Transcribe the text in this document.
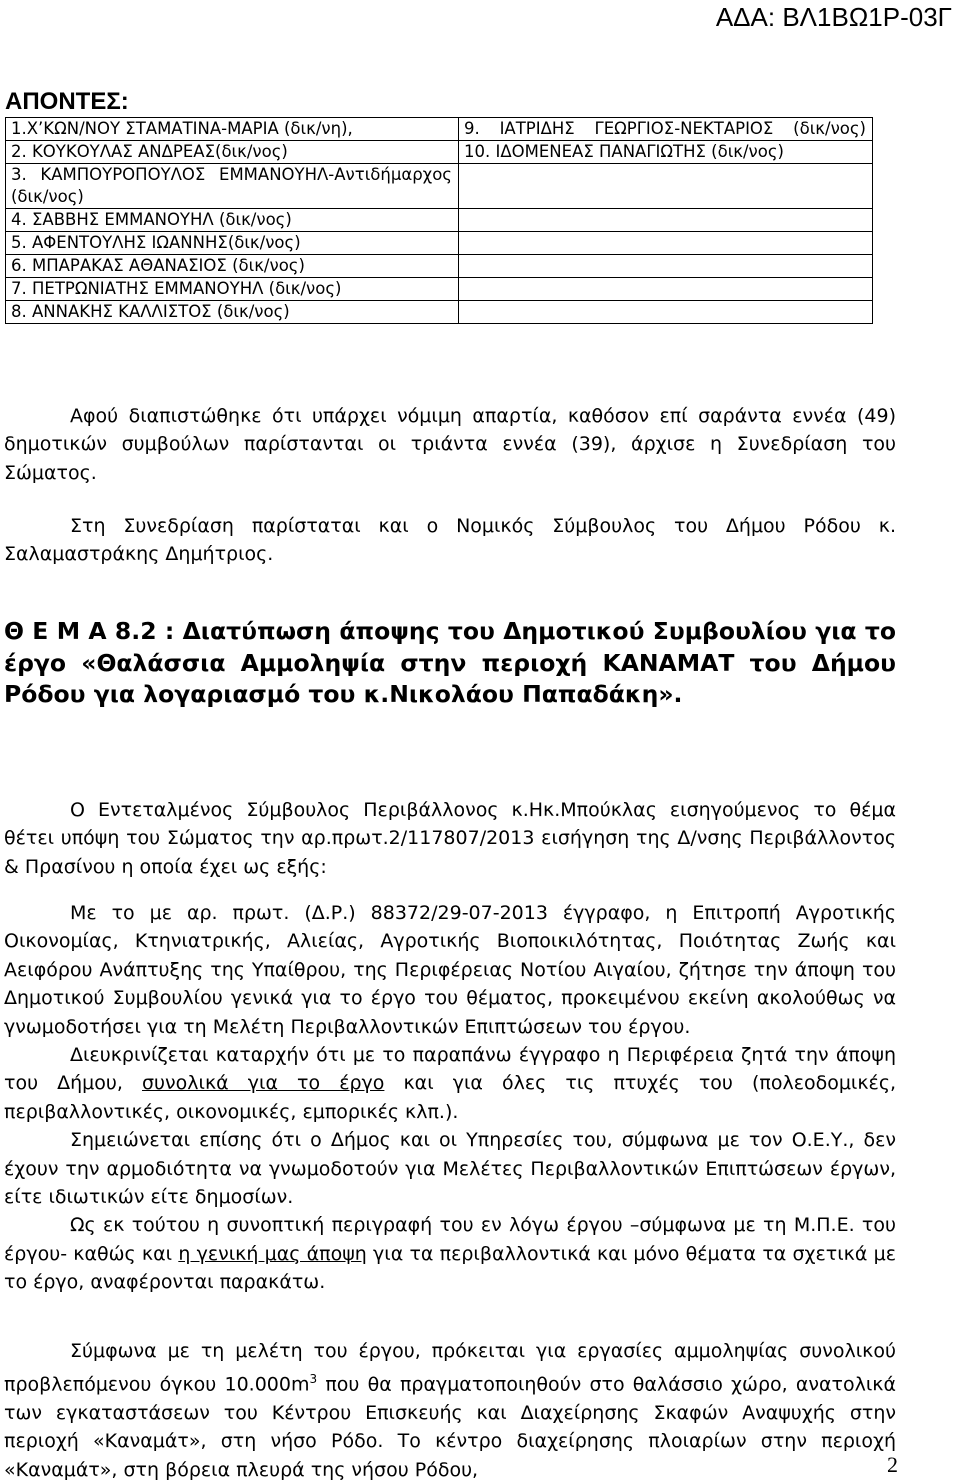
ΑΔΑ: ΒΛ1ΒΩ1Ρ-03Γ
ΑΠΟΝΤΕΣ:
1.Χ’ΚΩΝ/ΝΟΥ ΣΤΑΜΑΤΙΝΑ-ΜΑΡΙΑ (δικ/νη),	9. ΙΑΤΡΙΔΗΣ ΓΕΩΡΓΙΟΣ-ΝΕΚΤΑΡΙΟΣ (δικ/νος)

2. ΚΟΥΚΟΥΛΑΣ ΑΝΔΡΕΑΣ(δικ/νος)	10. ΙΔΟΜΕΝΕΑΣ ΠΑΝΑΓΙΩΤΗΣ (δικ/νος)
3. ΚΑΜΠΟΥΡΟΠΟΥΛΟΣ ΕΜΜΑΝΟΥΗΛ-Αντιδήμαρχος (δικ/νος)	
4. ΣΑΒΒΗΣ ΕΜΜΑΝΟΥΗΛ (δικ/νος)	
5. ΑΦΕΝΤΟΥΛΗΣ ΙΩΑΝΝΗΣ(δικ/νος)	
6. ΜΠΑΡΑΚΑΣ ΑΘΑΝΑΣΙΟΣ (δικ/νος)	
7. ΠΕΤΡΩΝΙΑΤΗΣ ΕΜΜΑΝΟΥΗΛ (δικ/νος)	
8. ΑΝΝΑΚΗΣ ΚΑΛΛΙΣΤΟΣ (δικ/νος)	

Αφού διαπιστώθηκε ότι υπάρχει νόμιμη απαρτία, καθόσον επί σαράντα εννέα (49) δημοτικών συμβούλων παρίστανται οι τριάντα εννέα (39), άρχισε η Συνεδρίαση του Σώματος.

Στη Συνεδρίαση παρίσταται και ο Νομικός Σύμβουλος του Δήμου Ρόδου κ. Σαλαμαστράκης Δημήτριος.

Θ Ε Μ Α 8.2 : Διατύπωση άποψης του Δημοτικού Συμβουλίου για το έργο «Θαλάσσια Αμμοληψία στην περιοχή ΚΑΝΑΜΑΤ του Δήμου Ρόδου για λογαριασμό του κ.Νικολάου Παπαδάκη».

Ο Εντεταλμένος Σύμβουλος Περιβάλλονος κ.Ηκ.Μπούκλας εισηγούμενος το θέμα θέτει υπόψη του Σώματος την αρ.πρωτ.2/117807/2013 εισήγηση της Δ/νσης Περιβάλλοντος & Πρασίνου η οποία έχει ως εξής:

Με το με αρ. πρωτ. (Δ.Ρ.) 88372/29-07-2013 έγγραφο, η Επιτροπή Αγροτικής Οικονομίας, Κτηνιατρικής, Αλιείας, Αγροτικής Βιοποικιλότητας, Ποιότητας Ζωής και Αειφόρου Ανάπτυξης της Υπαίθρου, της Περιφέρειας Νοτίου Αιγαίου, ζήτησε την άποψη του Δημοτικού Συμβουλίου γενικά για το έργο του θέματος, προκειμένου εκείνη ακολούθως να γνωμοδοτήσει για τη Μελέτη Περιβαλλοντικών Επιπτώσεων του έργου.

Διευκρινίζεται καταρχήν ότι με το παραπάνω έγγραφο η Περιφέρεια ζητά την άποψη του Δήμου, συνολικά για το έργο και για όλες τις πτυχές του (πολεοδομικές, περιβαλλοντικές, οικονομικές, εμπορικές κλπ.).

Σημειώνεται επίσης ότι ο Δήμος και οι Υπηρεσίες του, σύμφωνα με τον Ο.Ε.Υ., δεν έχουν την αρμοδιότητα να γνωμοδοτούν για Μελέτες Περιβαλλοντικών Επιπτώσεων έργων, είτε ιδιωτικών είτε δημοσίων.

Ως εκ τούτου η συνοπτική περιγραφή του εν λόγω έργου –σύμφωνα με τη Μ.Π.Ε. του έργου- καθώς και η γενική μας άποψη για τα περιβαλλοντικά και μόνο θέματα τα σχετικά με το έργο, αναφέρονται παρακάτω.

Σύμφωνα με τη μελέτη του έργου, πρόκειται για εργασίες αμμοληψίας συνολικού προβλεπόμενου όγκου $10.000m^3$ που θα πραγματοποιηθούν στο θαλάσσιο χώρο, ανατολικά των εγκαταστάσεων του Κέντρου Επισκευής και Διαχείρησης Σκαφών Αναψυχής στην περιοχή «Καναμάτ», στη νήσο Ρόδο. Το κέντρο διαχείρησης πλοιαρίων στην περιοχή «Καναμάτ», στη βόρεια πλευρά της νήσου Ρόδου,	2
